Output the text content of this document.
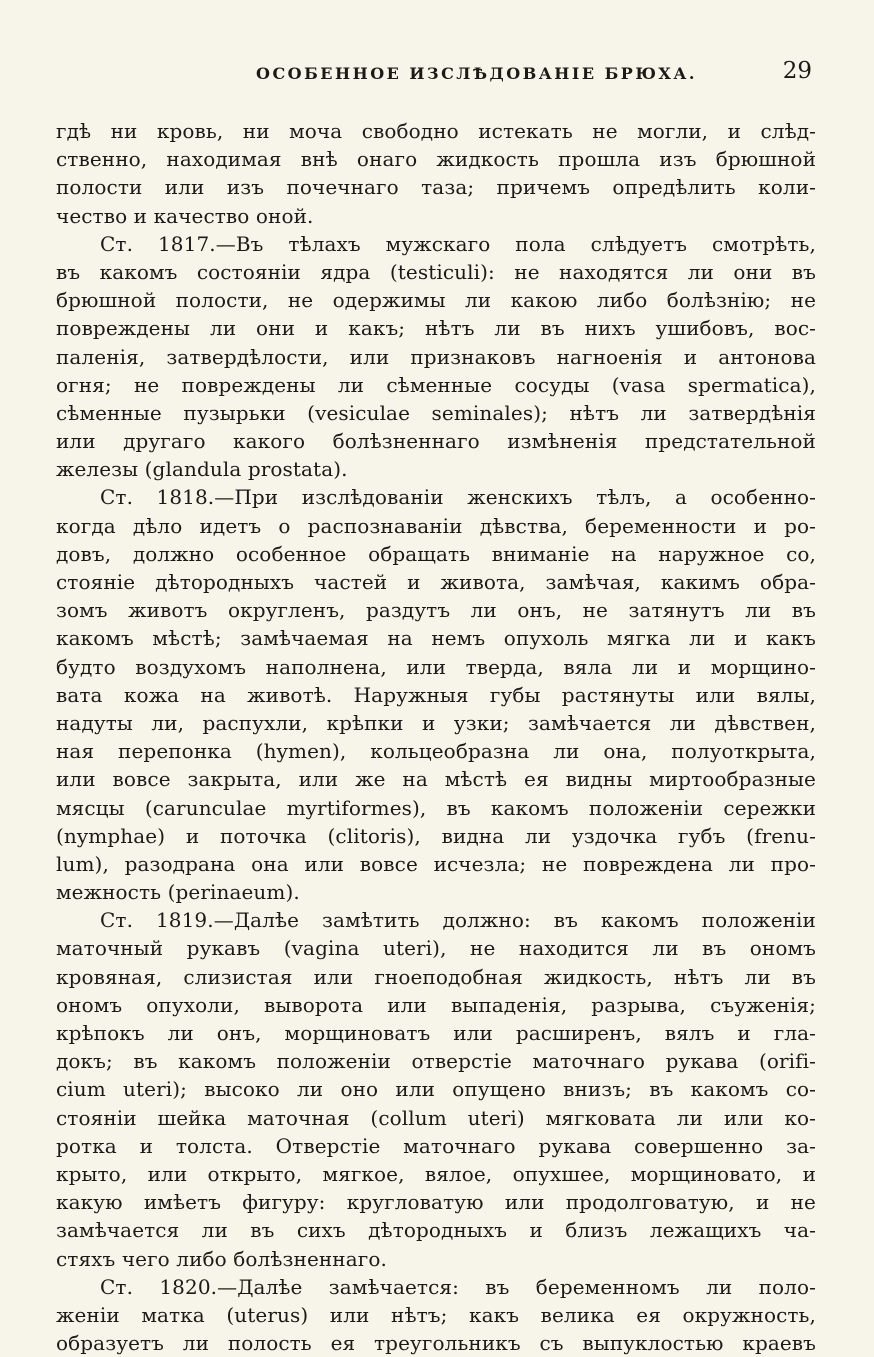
ОСОБЕННОЕ ИЗСЛѢДОВАНІЕ БРЮХА.	29
гдѣ ни кровь, ни моча свободно истекать не могли, и слѣд-
ственно, находимая внѣ онаго жидкость прошла изъ брюшной
полости или изъ почечнаго таза; причемъ опредѣлить коли-
чество и качество оной.
Ст. 1817.—Въ тѣлахъ мужскаго пола слѣдуетъ смотрѣть,
въ какомъ состояніи ядра (testiculi): не находятся ли они въ
брюшной полости, не одержимы ли какою либо болѣзнію; не
повреждены ли они и какъ; нѣтъ ли въ нихъ ушибовъ, вос-
паленія, затвердѣлости, или признаковъ нагноенія и антонова
огня; не повреждены ли сѣменные сосуды (vasa spermatica),
сѣменные пузырьки (vesiculae seminales); нѣтъ ли затвердѣнія
или другаго какого болѣзненнаго измѣненія предстательной
железы (glandula prostata).
Ст. 1818.—При изслѣдованіи женскихъ тѣлъ, а особенно-
когда дѣло идетъ о распознаваніи дѣвства, беременности и ро-
довъ, должно особенное обращать вниманіе на наружное со,
стояніе дѣтородныхъ частей и живота, замѣчая, какимъ обра-
зомъ животъ округленъ, раздутъ ли онъ, не затянутъ ли въ
какомъ мѣстѣ; замѣчаемая на немъ опухоль мягка ли и какъ
будто воздухомъ наполнена, или тверда, вяла ли и морщино-
вата кожа на животѣ. Наружныя губы растянуты или вялы,
надуты ли, распухли, крѣпки и узки; замѣчается ли дѣвствен,
ная перепонка (hymen), кольцеобразна ли она, полуоткрыта,
или вовсе закрыта, или же на мѣстѣ ея видны миртообразные
мясцы (carunculae myrtiformes), въ какомъ положеніи сережки
(nymphae) и поточка (clitoris), видна ли уздочка губъ (frenu-
lum), разодрана она или вовсе исчезла; не повреждена ли про-
межность (perinaeum).
Ст. 1819.—Далѣе замѣтить должно: въ какомъ положеніи
маточный рукавъ (vagina uteri), не находится ли въ ономъ
кровяная, слизистая или гноеподобная жидкость, нѣтъ ли въ
ономъ опухоли, выворота или выпаденія, разрыва, съуженія;
крѣпокъ ли онъ, морщиноватъ или расширенъ, вялъ и гла-
докъ; въ какомъ положеніи отверстіе маточнаго рукава (orifi-
cium uteri); высоко ли оно или опущено внизъ; въ какомъ со-
стояніи шейка маточная (collum uteri) мягковата ли или ко-
ротка и толста. Отверстіе маточнаго рукава совершенно за-
крыто, или открыто, мягкое, вялое, опухшее, морщиновато, и
какую имѣетъ фигуру: кругловатую или продолговатую, и не
замѣчается ли въ сихъ дѣтородныхъ и близъ лежащихъ ча-
стяхъ чего либо болѣзненнаго.
Ст. 1820.—Далѣе замѣчается: въ беременномъ ли поло-
женіи матка (uterus) или нѣтъ; какъ велика ея окружность,
образуетъ ли полость ея треугольникъ съ выпуклостью краевъ
